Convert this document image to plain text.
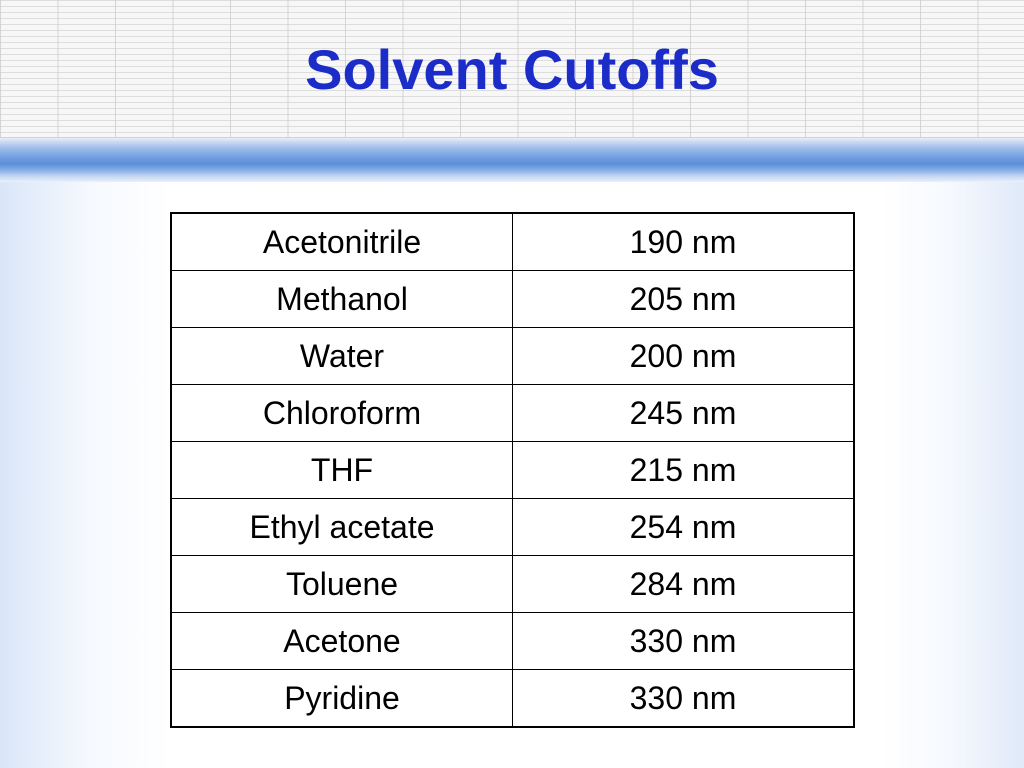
Solvent Cutoffs
Acetonitrile	190 nm
Methanol	205 nm
Water	200 nm
Chloroform	245 nm
THF	215 nm
Ethyl acetate	254 nm
Toluene	284 nm
Acetone	330 nm
Pyridine	330 nm
